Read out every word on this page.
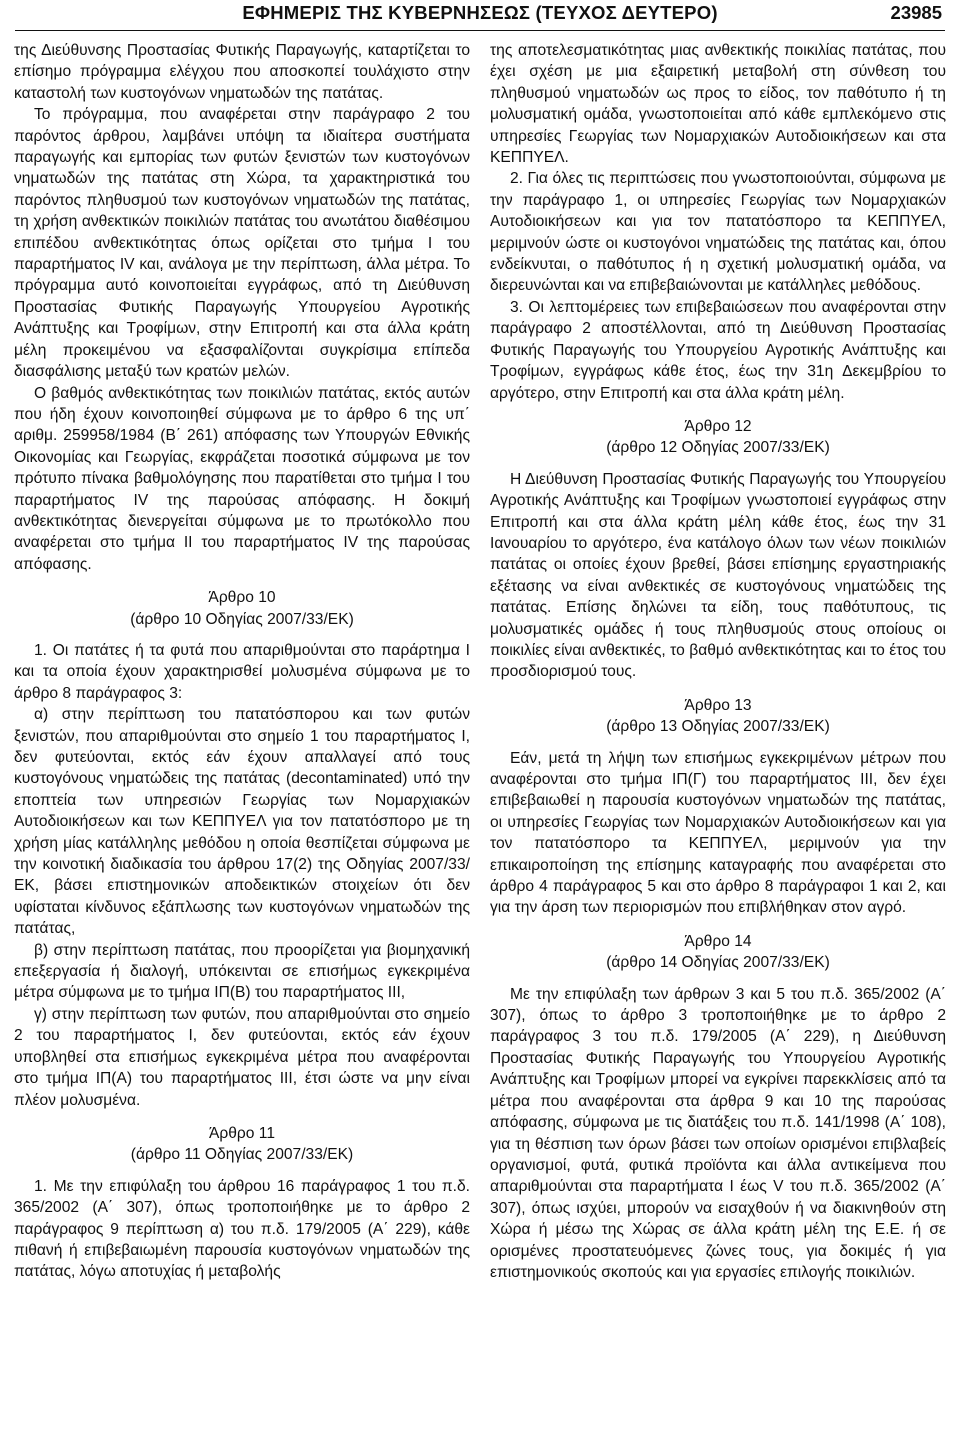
ΕΦΗΜΕΡΙΣ ΤΗΣ ΚΥΒΕΡΝΗΣΕΩΣ (ΤΕΥΧΟΣ ΔΕΥΤΕΡΟ)	23985

της Διεύθυνσης Προστασίας Φυτικής Παραγωγής, καταρτίζεται το επίσημο πρόγραμμα ελέγχου που αποσκοπεί τουλάχιστο στην καταστολή των κυστογόνων νηματωδών της πατάτας.

Το πρόγραμμα, που αναφέρεται στην παράγραφο 2 του παρόντος άρθρου, λαμβάνει υπόψη τα ιδιαίτερα συστήματα παραγωγής και εμπορίας των φυτών ξενιστών των κυστογόνων νηματωδών της πατάτας στη Χώρα, τα χαρακτηριστικά του παρόντος πληθυσμού των κυστογόνων νηματωδών της πατάτας, τη χρήση ανθεκτικών ποικιλιών πατάτας του ανωτάτου διαθέσιμου επιπέδου ανθεκτικότητας όπως ορίζεται στο τμήμα I του παραρτήματος IV και, ανάλογα με την περίπτωση, άλλα μέτρα. Το πρόγραμμα αυτό κοινοποιείται εγγράφως, από τη Διεύθυνση Προστασίας Φυτικής Παραγωγής Υπουργείου Αγροτικής Ανάπτυξης και Τροφίμων, στην Επιτροπή και στα άλλα κράτη μέλη προκειμένου να εξασφαλίζονται συγκρίσιμα επίπεδα διασφάλισης μεταξύ των κρατών μελών.

Ο βαθμός ανθεκτικότητας των ποικιλιών πατάτας, εκτός αυτών που ήδη έχουν κοινοποιηθεί σύμφωνα με το άρθρο 6 της υπ΄ αριθμ. 259958/1984 (Β΄ 261) απόφασης των Υπουργών Εθνικής Οικονομίας και Γεωργίας, εκφράζεται ποσοτικά σύμφωνα με τον πρότυπο πίνακα βαθμολόγησης που παρατίθεται στο τμήμα I του παραρτήματος IV της παρούσας απόφασης. Η δοκιμή ανθεκτικότητας διενεργείται σύμφωνα με το πρωτόκολλο που αναφέρεται στο τμήμα II του παραρτήματος IV της παρούσας απόφασης.

Άρθρο 10
(άρθρο 10 Οδηγίας 2007/33/ΕΚ)

1. Οι πατάτες ή τα φυτά που απαριθμούνται στο παράρτημα I και τα οποία έχουν χαρακτηρισθεί μολυσμένα σύμφωνα με το άρθρο 8 παράγραφος 3:

α) στην περίπτωση του πατατόσπορου και των φυτών ξενιστών, που απαριθμούνται στο σημείο 1 του παραρτήματος I, δεν φυτεύονται, εκτός εάν έχουν απαλλαγεί από τους κυστογόνους νηματώδεις της πατάτας (decontaminated) υπό την εποπτεία των υπηρεσιών Γεωργίας των Νομαρχιακών Αυτοδιοικήσεων και των ΚΕΠΠΥΕΛ για τον πατατόσπορο με τη χρήση μίας κατάλληλης μεθόδου η οποία θεσπίζεται σύμφωνα με την κοινοτική διαδικασία του άρθρου 17(2) της Οδηγίας 2007/33/ΕΚ, βάσει επιστημονικών αποδεικτικών στοιχείων ότι δεν υφίσταται κίνδυνος εξάπλωσης των κυστογόνων νηματωδών της πατάτας,

β) στην περίπτωση πατάτας, που προορίζεται για βιομηχανική επεξεργασία ή διαλογή, υπόκεινται σε επισήμως εγκεκριμένα μέτρα σύμφωνα με το τμήμα IΠ(Β) του παραρτήματος III,

γ) στην περίπτωση των φυτών, που απαριθμούνται στο σημείο 2 του παραρτήματος I, δεν φυτεύονται, εκτός εάν έχουν υποβληθεί στα επισήμως εγκεκριμένα μέτρα που αναφέρονται στο τμήμα IΠ(Α) του παραρτήματος III, έτσι ώστε να μην είναι πλέον μολυσμένα.

Άρθρο 11
(άρθρο 11 Οδηγίας 2007/33/ΕΚ)

1. Με την επιφύλαξη του άρθρου 16 παράγραφος 1 του π.δ. 365/2002 (Α΄ 307), όπως τροποποιήθηκε με το άρθρο 2 παράγραφος 9 περίπτωση α) του π.δ. 179/2005 (Α΄ 229), κάθε πιθανή ή επιβεβαιωμένη παρουσία κυστογόνων νηματωδών της πατάτας, λόγω αποτυχίας ή μεταβολής

της αποτελεσματικότητας μιας ανθεκτικής ποικιλίας πατάτας, που έχει σχέση με μια εξαιρετική μεταβολή στη σύνθεση του πληθυσμού νηματωδών ως προς το είδος, τον παθότυπο ή τη μολυσματική ομάδα, γνωστοποιείται από κάθε εμπλεκόμενο στις υπηρεσίες Γεωργίας των Νομαρχιακών Αυτοδιοικήσεων και στα ΚΕΠΠΥΕΛ.

2. Για όλες τις περιπτώσεις που γνωστοποιούνται, σύμφωνα με την παράγραφο 1, οι υπηρεσίες Γεωργίας των Νομαρχιακών Αυτοδιοικήσεων και για τον πατατόσπορο τα ΚΕΠΠΥΕΛ, μεριμνούν ώστε οι κυστογόνοι νηματώδεις της πατάτας και, όπου ενδείκνυται, ο παθότυπος ή η σχετική μολυσματική ομάδα, να διερευνώνται και να επιβεβαιώνονται με κατάλληλες μεθόδους.

3. Οι λεπτομέρειες των επιβεβαιώσεων που αναφέρονται στην παράγραφο 2 αποστέλλονται, από τη Διεύθυνση Προστασίας Φυτικής Παραγωγής του Υπουργείου Αγροτικής Ανάπτυξης και Τροφίμων, εγγράφως κάθε έτος, έως την 31η Δεκεμβρίου το αργότερο, στην Επιτροπή και στα άλλα κράτη μέλη.

Άρθρο 12
(άρθρο 12 Οδηγίας 2007/33/ΕΚ)

Η Διεύθυνση Προστασίας Φυτικής Παραγωγής του Υπουργείου Αγροτικής Ανάπτυξης και Τροφίμων γνωστοποιεί εγγράφως στην Επιτροπή και στα άλλα κράτη μέλη κάθε έτος, έως την 31 Ιανουαρίου το αργότερο, ένα κατάλογο όλων των νέων ποικιλιών πατάτας οι οποίες έχουν βρεθεί, βάσει επίσημης εργαστηριακής εξέτασης να είναι ανθεκτικές σε κυστογόνους νηματώδεις της πατάτας. Επίσης δηλώνει τα είδη, τους παθότυπους, τις μολυσματικές ομάδες ή τους πληθυσμούς στους οποίους οι ποικιλίες είναι ανθεκτικές, το βαθμό ανθεκτικότητας και το έτος του προσδιορισμού τους.

Άρθρο 13
(άρθρο 13 Οδηγίας 2007/33/ΕΚ)

Εάν, μετά τη λήψη των επισήμως εγκεκριμένων μέτρων που αναφέρονται στο τμήμα IΠ(Γ) του παραρτήματος III, δεν έχει επιβεβαιωθεί η παρουσία κυστογόνων νηματωδών της πατάτας, οι υπηρεσίες Γεωργίας των Νομαρχιακών Αυτοδιοικήσεων και για τον πατατόσπορο τα ΚΕΠΠΥΕΛ, μεριμνούν για την επικαιροποίηση της επίσημης καταγραφής που αναφέρεται στο άρθρο 4 παράγραφος 5 και στο άρθρο 8 παράγραφοι 1 και 2, και για την άρση των περιορισμών που επιβλήθηκαν στον αγρό.

Άρθρο 14
(άρθρο 14 Οδηγίας 2007/33/ΕΚ)

Με την επιφύλαξη των άρθρων 3 και 5 του π.δ. 365/2002 (Α΄ 307), όπως το άρθρο 3 τροποποιήθηκε με το άρθρο 2 παράγραφος 3 του π.δ. 179/2005 (Α΄ 229), η Διεύθυνση Προστασίας Φυτικής Παραγωγής του Υπουργείου Αγροτικής Ανάπτυξης και Τροφίμων μπορεί να εγκρίνει παρεκκλίσεις από τα μέτρα που αναφέρονται στα άρθρα 9 και 10 της παρούσας απόφασης, σύμφωνα με τις διατάξεις του π.δ. 141/1998 (Α΄ 108), για τη θέσπιση των όρων βάσει των οποίων ορισμένοι επιβλαβείς οργανισμοί, φυτά, φυτικά προϊόντα και άλλα αντικείμενα που απαριθμούνται στα παραρτήματα I έως V του π.δ. 365/2002 (Α΄ 307), όπως ισχύει, μπορούν να εισαχθούν ή να διακινηθούν στη Χώρα ή μέσω της Χώρας σε άλλα κράτη μέλη της Ε.Ε. ή σε ορισμένες προστατευόμενες ζώνες τους, για δοκιμές ή για επιστημονικούς σκοπούς και για εργασίες επιλογής ποικιλιών.
